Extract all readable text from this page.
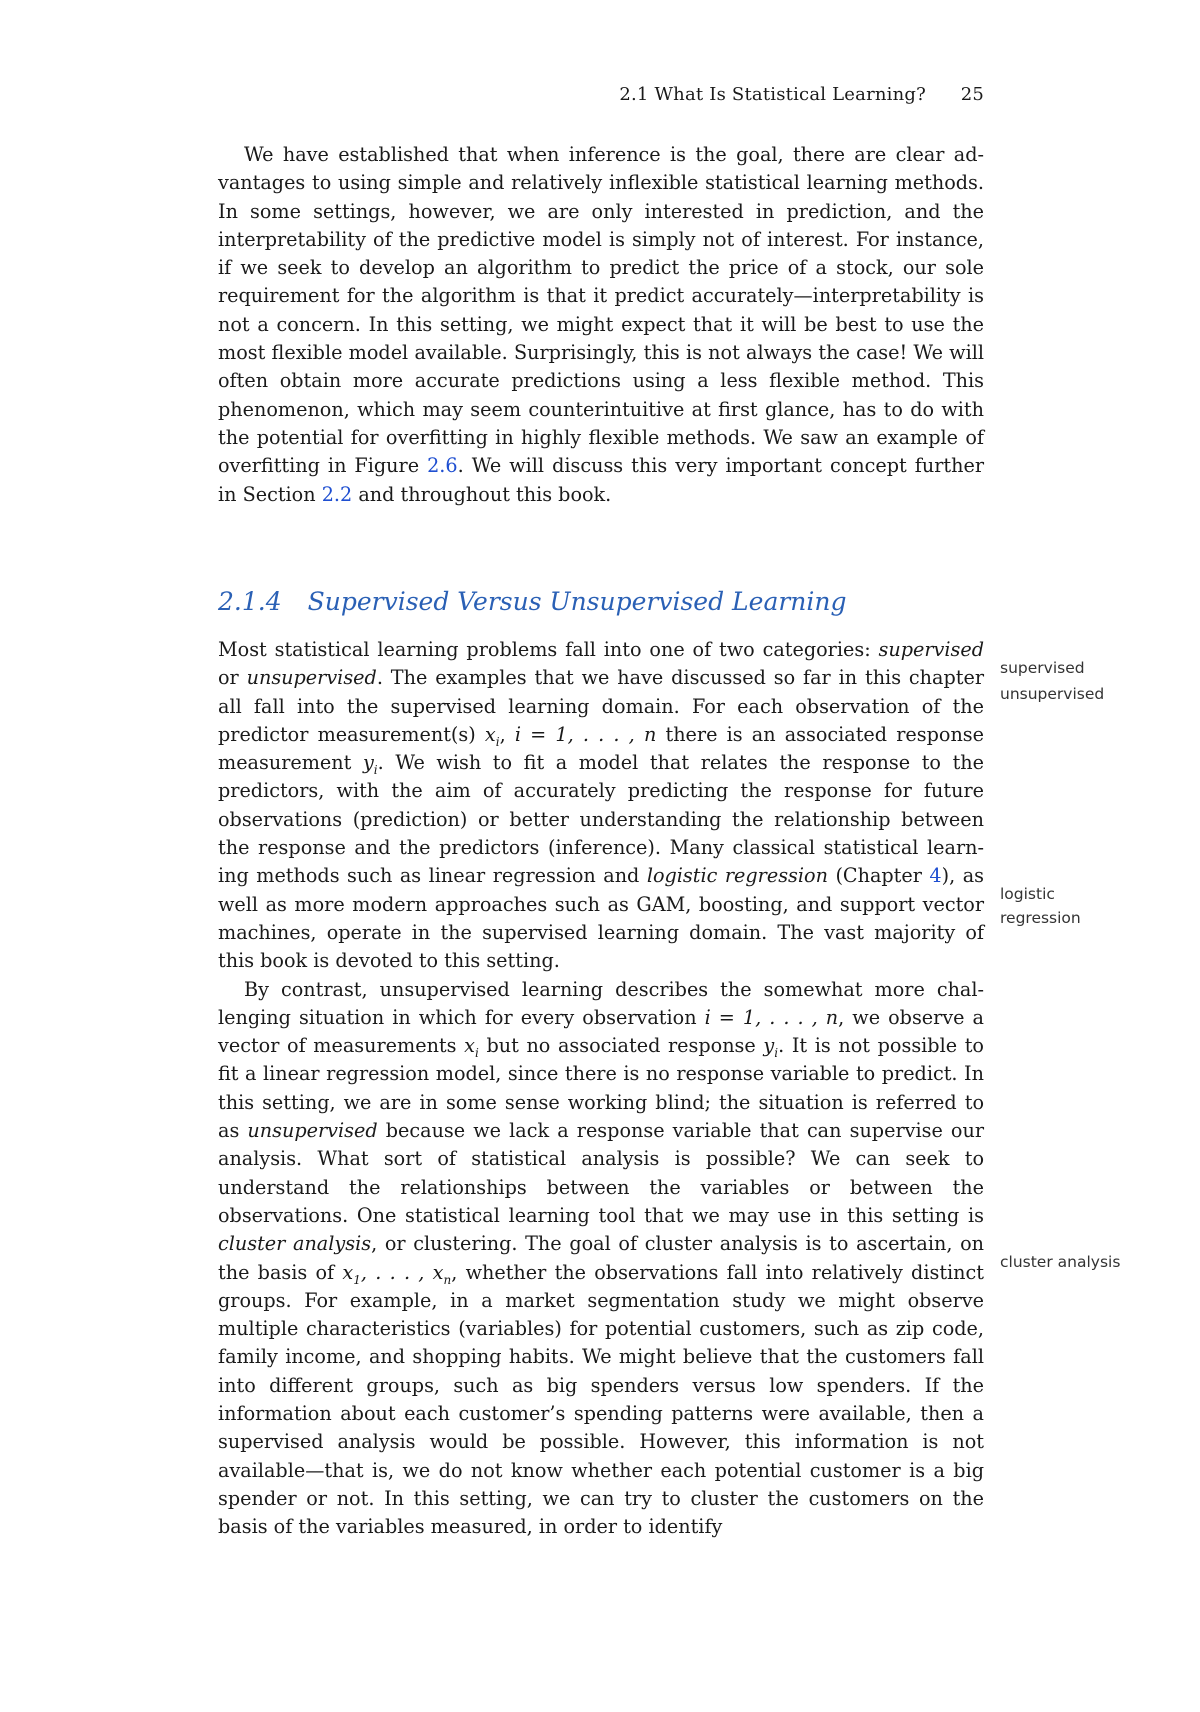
2.1 What Is Statistical Learning? 25

We have established that when inference is the goal, there are clear advantages to using simple and relatively inflexible statistical learning methods. In some settings, however, we are only interested in prediction, and the interpretability of the predictive model is simply not of interest. For instance, if we seek to develop an algorithm to predict the price of a stock, our sole requirement for the algorithm is that it predict accurately—interpretability is not a concern. In this setting, we might expect that it will be best to use the most flexible model available. Surprisingly, this is not always the case! We will often obtain more accurate predictions using a less flexible method. This phenomenon, which may seem counterintuitive at first glance, has to do with the potential for overfitting in highly flexible methods. We saw an example of overfitting in Figure 2.6. We will discuss this very important concept further in Section 2.2 and throughout this book.

2.1.4 Supervised Versus Unsupervised Learning

Most statistical learning problems fall into one of two categories: supervised or unsupervised. The examples that we have discussed so far in this chapter all fall into the supervised learning domain. For each observation of the predictor measurement(s) $x_i$, i = 1, . . . , n there is an associated response measurement $y_i$. We wish to fit a model that relates the response to the predictors, with the aim of accurately predicting the response for future observations (prediction) or better understanding the relationship between the response and the predictors (inference). Many classical statistical learning methods such as linear regression and logistic regression (Chapter 4), as well as more modern approaches such as GAM, boosting, and support vector machines, operate in the supervised learning domain. The vast majority of this book is devoted to this setting.

By contrast, unsupervised learning describes the somewhat more challenging situation in which for every observation i = 1, . . . , n, we observe a vector of measurements $x_i$ but no associated response $y_i$. It is not possible to fit a linear regression model, since there is no response variable to predict. In this setting, we are in some sense working blind; the situation is referred to as unsupervised because we lack a response variable that can supervise our analysis. What sort of statistical analysis is possible? We can seek to understand the relationships between the variables or between the observations. One statistical learning tool that we may use in this setting is cluster analysis, or clustering. The goal of cluster analysis is to ascertain, on the basis of $x_1$, . . . , $x_n$, whether the observations fall into relatively distinct groups. For example, in a market segmentation study we might observe multiple characteristics (variables) for potential customers, such as zip code, family income, and shopping habits. We might believe that the customers fall into different groups, such as big spenders versus low spenders. If the information about each customer’s spending patterns were available, then a supervised analysis would be possible. However, this information is not available—that is, we do not know whether each potential customer is a big spender or not. In this setting, we can try to cluster the customers on the basis of the variables measured, in order to identify

supervised
unsupervised
logistic regression
cluster analysis
